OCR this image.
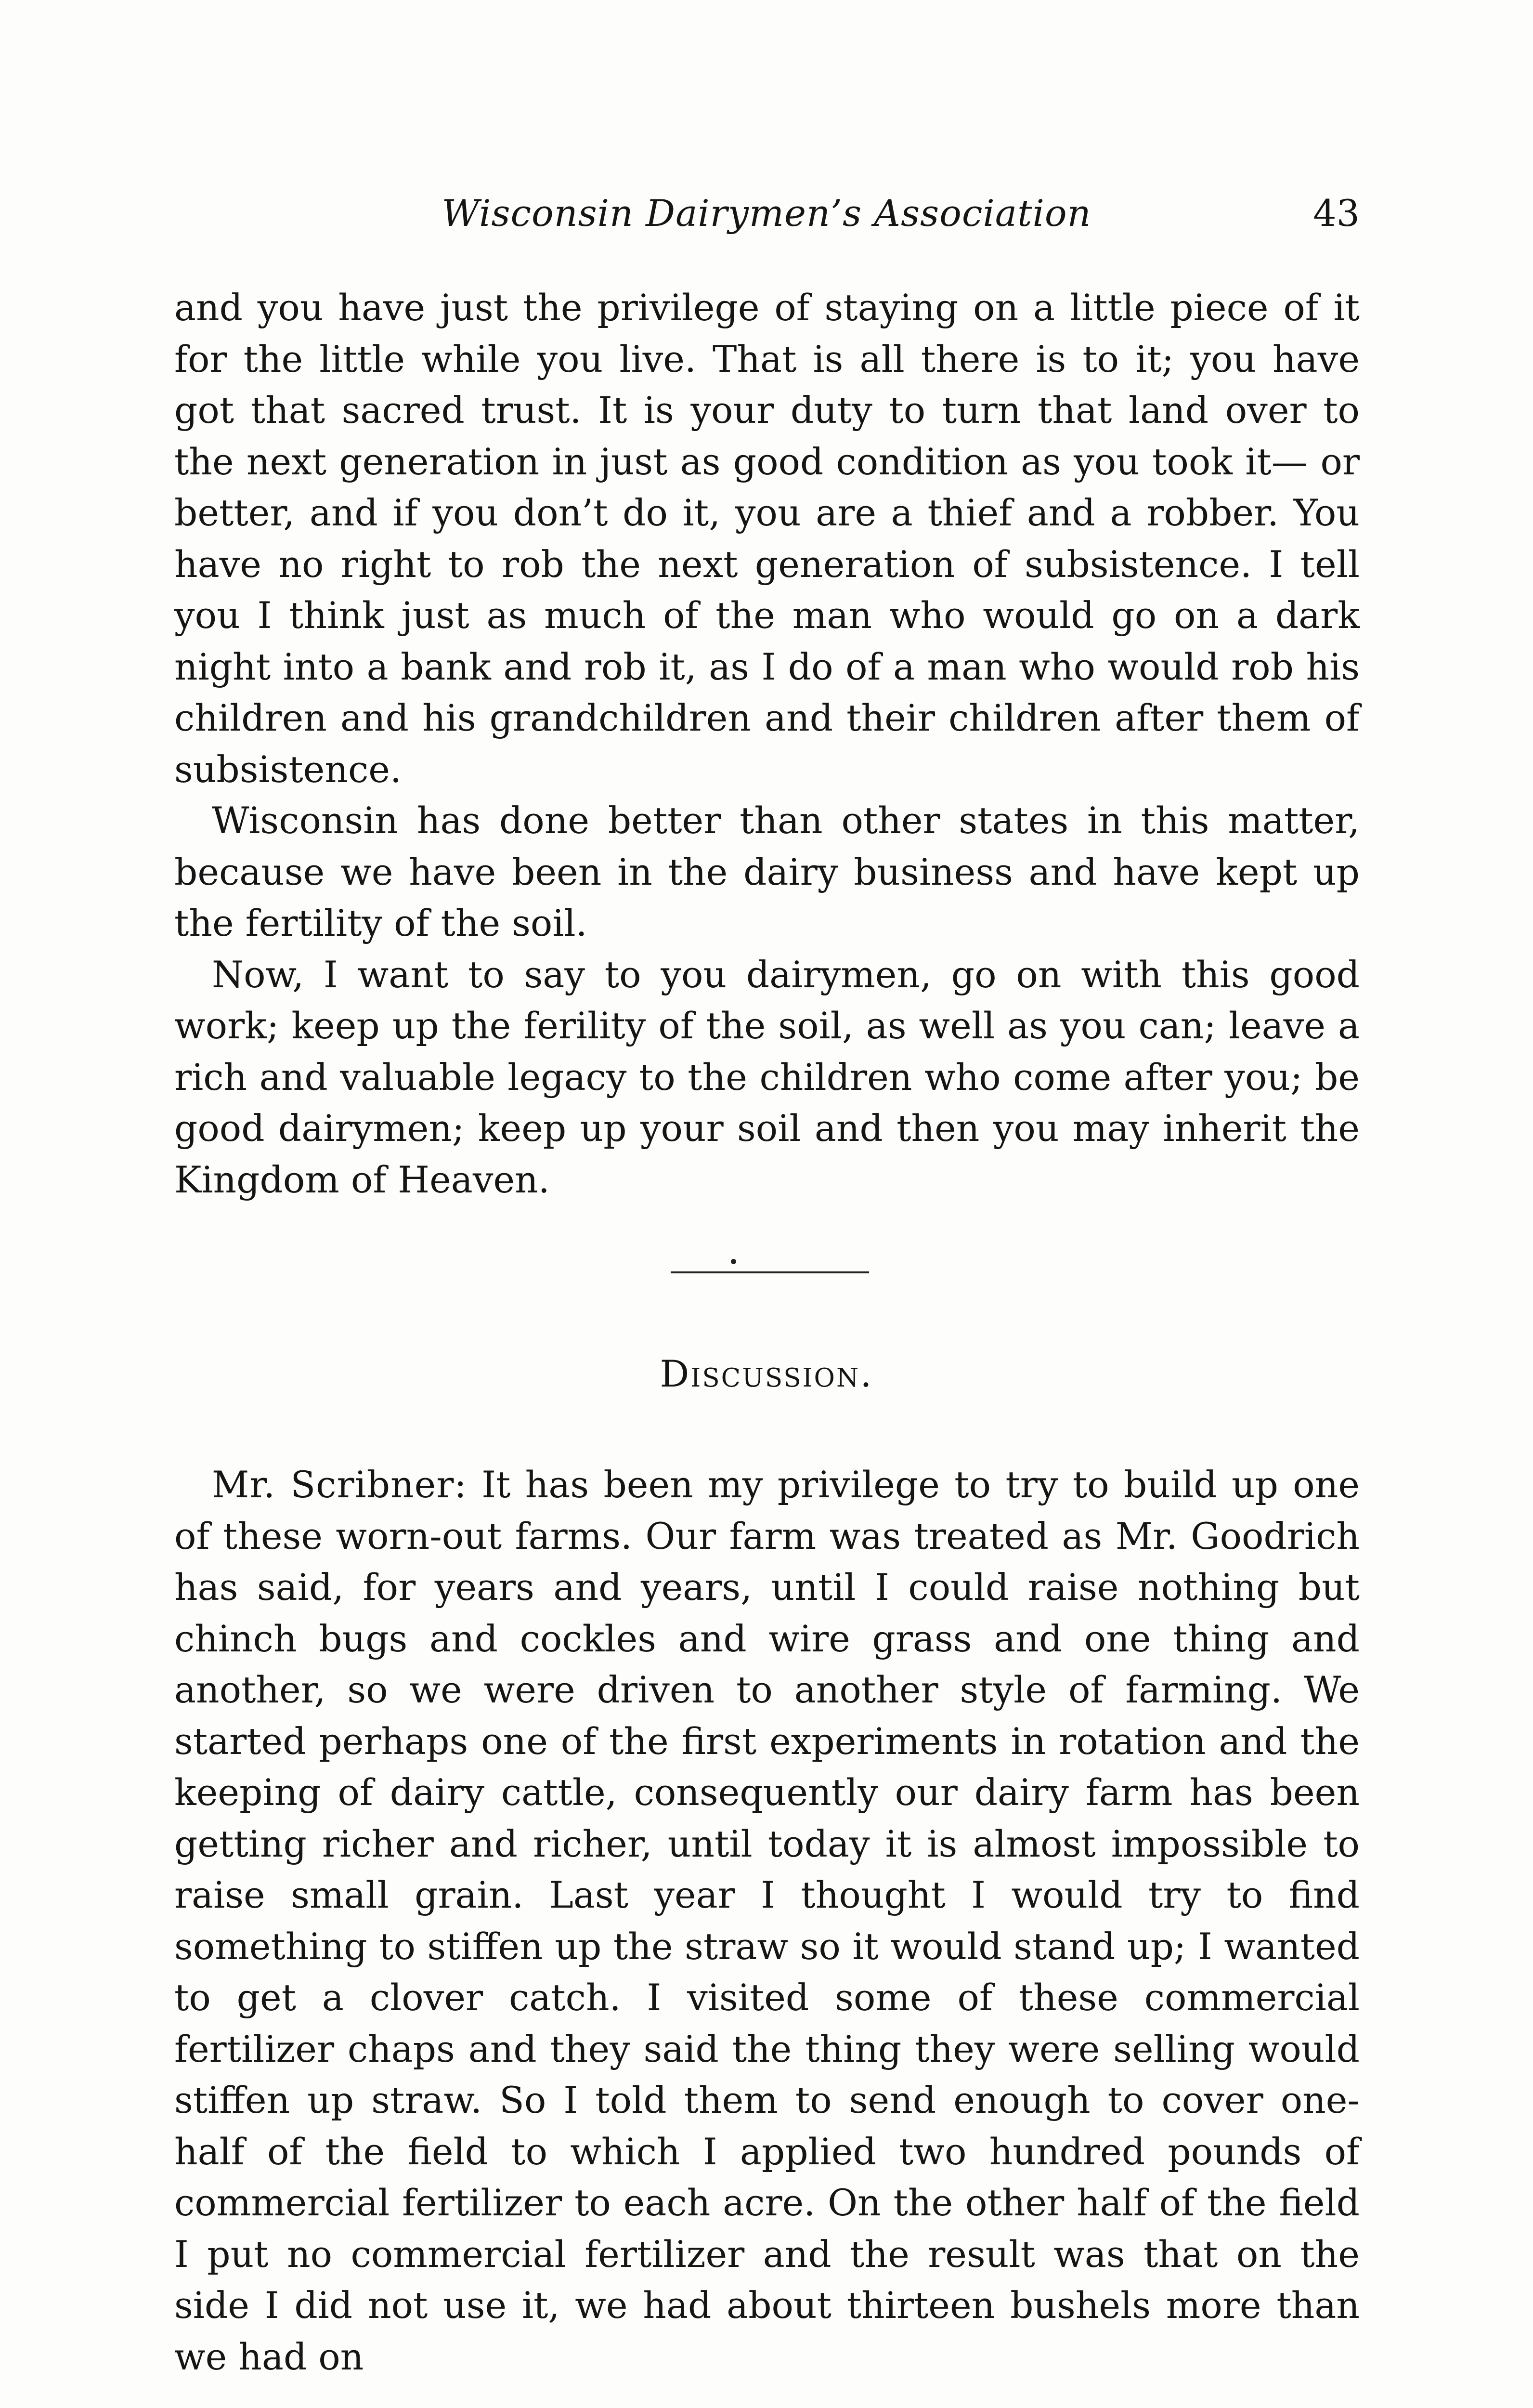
Wisconsin Dairymen’s Association	43

and you have just the privilege of staying on a little piece of it for the little while you live. That is all there is to it; you have got that sacred trust. It is your duty to turn that land over to the next generation in just as good condition as you took it— or better, and if you don’t do it, you are a thief and a robber. You have no right to rob the next generation of subsistence. I tell you I think just as much of the man who would go on a dark night into a bank and rob it, as I do of a man who would rob his children and his grandchildren and their children after them of subsistence.

Wisconsin has done better than other states in this matter, because we have been in the dairy business and have kept up the fertility of the soil.

Now, I want to say to you dairymen, go on with this good work; keep up the ferility of the soil, as well as you can; leave a rich and valuable legacy to the children who come after you; be good dairymen; keep up your soil and then you may inherit the Kingdom of Heaven.

Discussion.

Mr. Scribner: It has been my privilege to try to build up one of these worn-out farms. Our farm was treated as Mr. Goodrich has said, for years and years, until I could raise nothing but chinch bugs and cockles and wire grass and one thing and another, so we were driven to another style of farming. We started perhaps one of the first experiments in rotation and the keeping of dairy cattle, consequently our dairy farm has been getting richer and richer, until today it is almost impossible to raise small grain. Last year I thought I would try to find something to stiffen up the straw so it would stand up; I wanted to get a clover catch. I visited some of these commercial fertilizer chaps and they said the thing they were selling would stiffen up straw. So I told them to send enough to cover one-half of the field to which I applied two hundred pounds of commercial fertilizer to each acre. On the other half of the field I put no commercial fertilizer and the result was that on the side I did not use it, we had about thirteen bushels more than we had on
